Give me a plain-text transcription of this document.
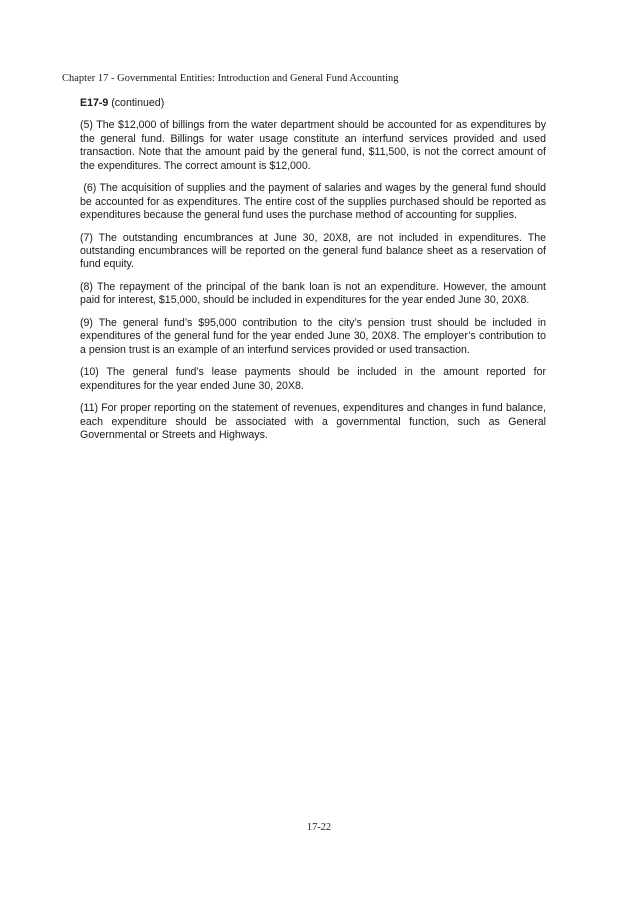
Chapter 17 - Governmental Entities: Introduction and General Fund Accounting

E17-9 (continued)

(5) The $12,000 of billings from the water department should be accounted for as expenditures by the general fund. Billings for water usage constitute an interfund services provided and used transaction. Note that the amount paid by the general fund, $11,500, is not the correct amount of the expenditures. The correct amount is $12,000.

(6) The acquisition of supplies and the payment of salaries and wages by the general fund should be accounted for as expenditures. The entire cost of the supplies purchased should be reported as expenditures because the general fund uses the purchase method of accounting for supplies.

(7) The outstanding encumbrances at June 30, 20X8, are not included in expenditures. The outstanding encumbrances will be reported on the general fund balance sheet as a reservation of fund equity.

(8) The repayment of the principal of the bank loan is not an expenditure. However, the amount paid for interest, $15,000, should be included in expenditures for the year ended June 30, 20X8.

(9) The general fund’s $95,000 contribution to the city’s pension trust should be included in expenditures of the general fund for the year ended June 30, 20X8. The employer’s contribution to a pension trust is an example of an interfund services provided or used transaction.

(10) The general fund’s lease payments should be included in the amount reported for expenditures for the year ended June 30, 20X8.

(11) For proper reporting on the statement of revenues, expenditures and changes in fund balance, each expenditure should be associated with a governmental function, such as General Governmental or Streets and Highways.

17-22
